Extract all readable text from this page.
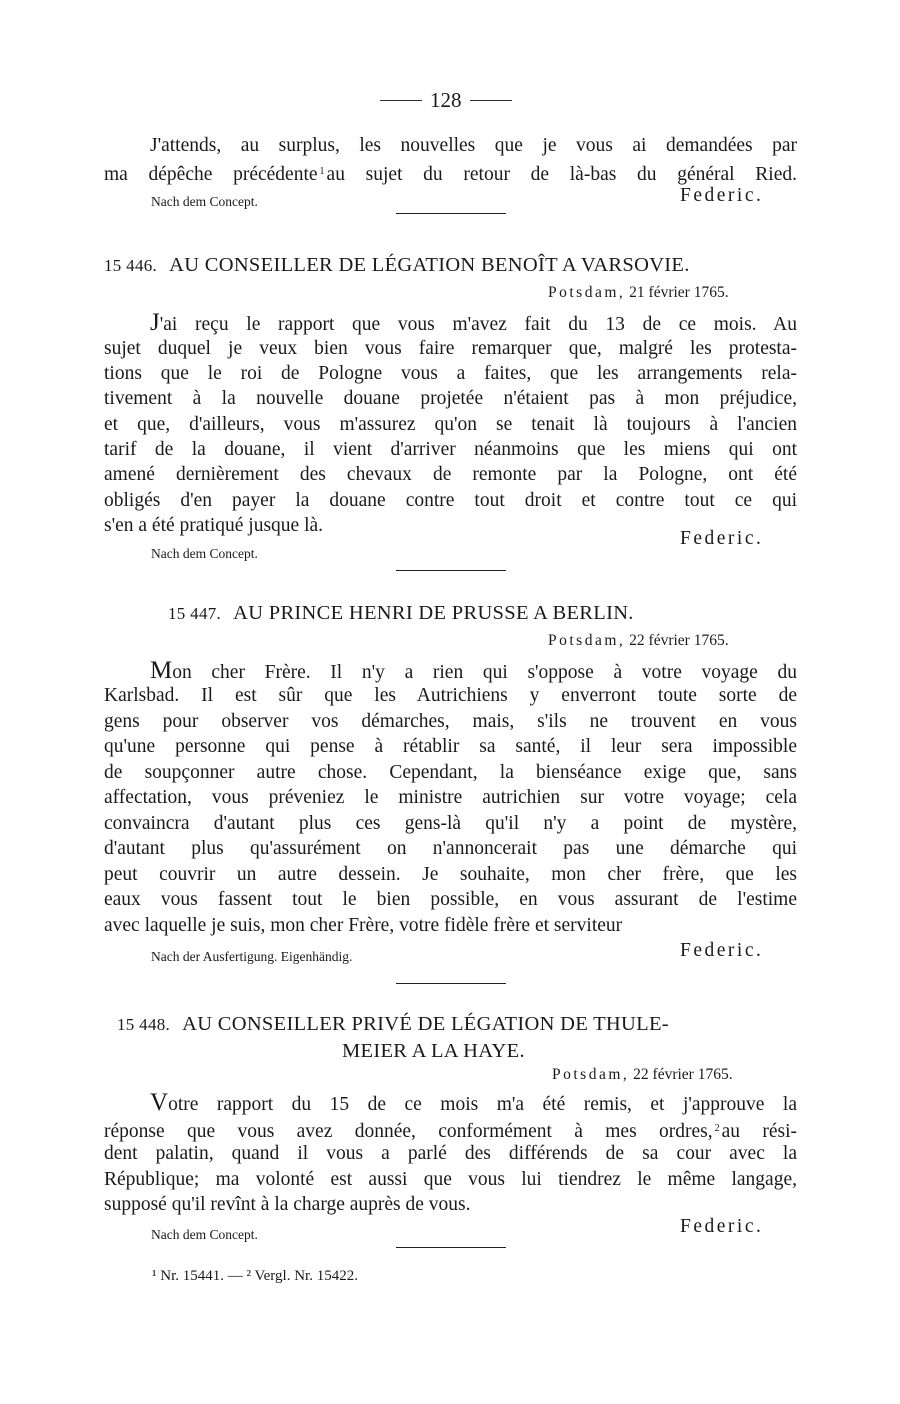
128
J'attends, au surplus, les nouvelles que je vous ai demandées par
ma dépêche précédente $^1$ au sujet du retour de là-bas du général Ried.
Nach dem Concept.	Federic.
15 446. AU CONSEILLER DE LÉGATION BENOÎT A VARSOVIE.
Potsdam, 21 février 1765.
J'ai reçu le rapport que vous m'avez fait du 13 de ce mois. Au
sujet duquel je veux bien vous faire remarquer que, malgré les protesta-
tions que le roi de Pologne vous a faites, que les arrangements rela-
tivement à la nouvelle douane projetée n'étaient pas à mon préjudice,
et que, d'ailleurs, vous m'assurez qu'on se tenait là toujours à l'ancien
tarif de la douane, il vient d'arriver néanmoins que les miens qui ont
amené dernièrement des chevaux de remonte par la Pologne, ont été
obligés d'en payer la douane contre tout droit et contre tout ce qui
s'en a été pratiqué jusque là.
Federic.
Nach dem Concept.
15 447. AU PRINCE HENRI DE PRUSSE A BERLIN.
Potsdam, 22 février 1765.
Mon cher Frère. Il n'y a rien qui s'oppose à votre voyage du
Karlsbad. Il est sûr que les Autrichiens y enverront toute sorte de
gens pour observer vos démarches, mais, s'ils ne trouvent en vous
qu'une personne qui pense à rétablir sa santé, il leur sera impossible
de soupçonner autre chose. Cependant, la bienséance exige que, sans
affectation, vous préveniez le ministre autrichien sur votre voyage; cela
convaincra d'autant plus ces gens-là qu'il n'y a point de mystère,
d'autant plus qu'assurément on n'annoncerait pas une démarche qui
peut couvrir un autre dessein. Je souhaite, mon cher frère, que les
eaux vous fassent tout le bien possible, en vous assurant de l'estime
avec laquelle je suis, mon cher Frère, votre fidèle frère et serviteur
Nach der Ausfertigung. Eigenhändig.	Federic.
15 448. AU CONSEILLER PRIVÉ DE LÉGATION DE THULE-
MEIER A LA HAYE.
Potsdam, 22 février 1765.
Votre rapport du 15 de ce mois m'a été remis, et j'approuve la
réponse que vous avez donnée, conformément à mes ordres, $^2$ au rési-
dent palatin, quand il vous a parlé des différends de sa cour avec la
République; ma volonté est aussi que vous lui tiendrez le même langage,
supposé qu'il revînt à la charge auprès de vous.
Nach dem Concept.	Federic.
¹ Nr. 15441. — ² Vergl. Nr. 15422.
